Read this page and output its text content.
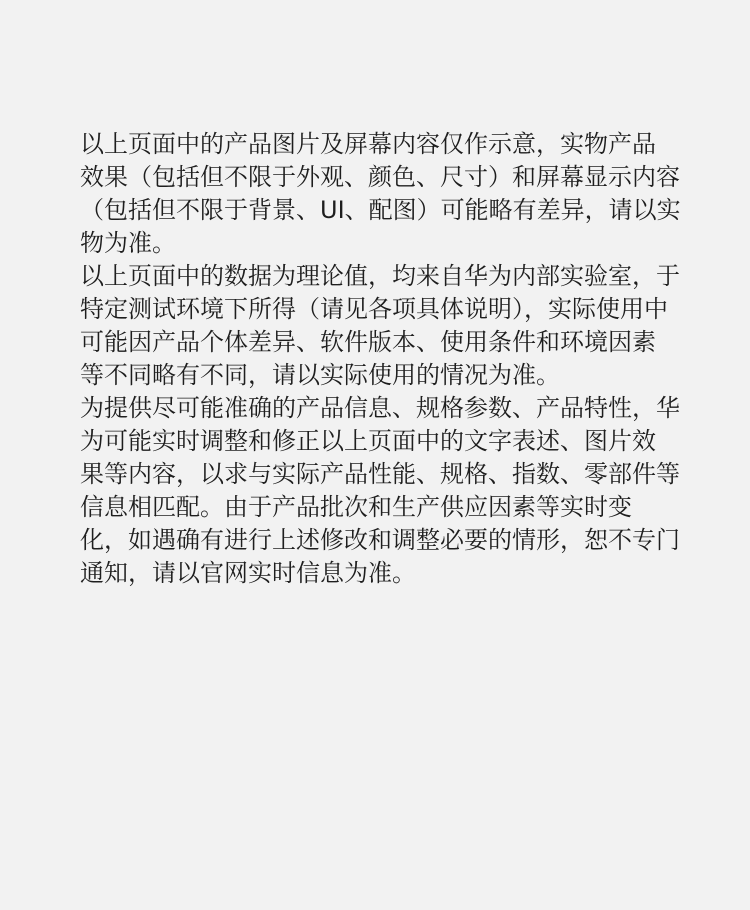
以上页面中的产品图片及屏幕内容仅作示意，实物产品
效果（包括但不限于外观、颜色、尺寸）和屏幕显示内容
（包括但不限于背景、UI、配图）可能略有差异，请以实
物为准。
以上页面中的数据为理论值，均来自华为内部实验室，于
特定测试环境下所得（请见各项具体说明），实际使用中
可能因产品个体差异、软件版本、使用条件和环境因素
等不同略有不同，请以实际使用的情况为准。
为提供尽可能准确的产品信息、规格参数、产品特性，华
为可能实时调整和修正以上页面中的文字表述、图片效
果等内容，以求与实际产品性能、规格、指数、零部件等
信息相匹配。由于产品批次和生产供应因素等实时变
化，如遇确有进行上述修改和调整必要的情形，恕不专门
通知，请以官网实时信息为准。
